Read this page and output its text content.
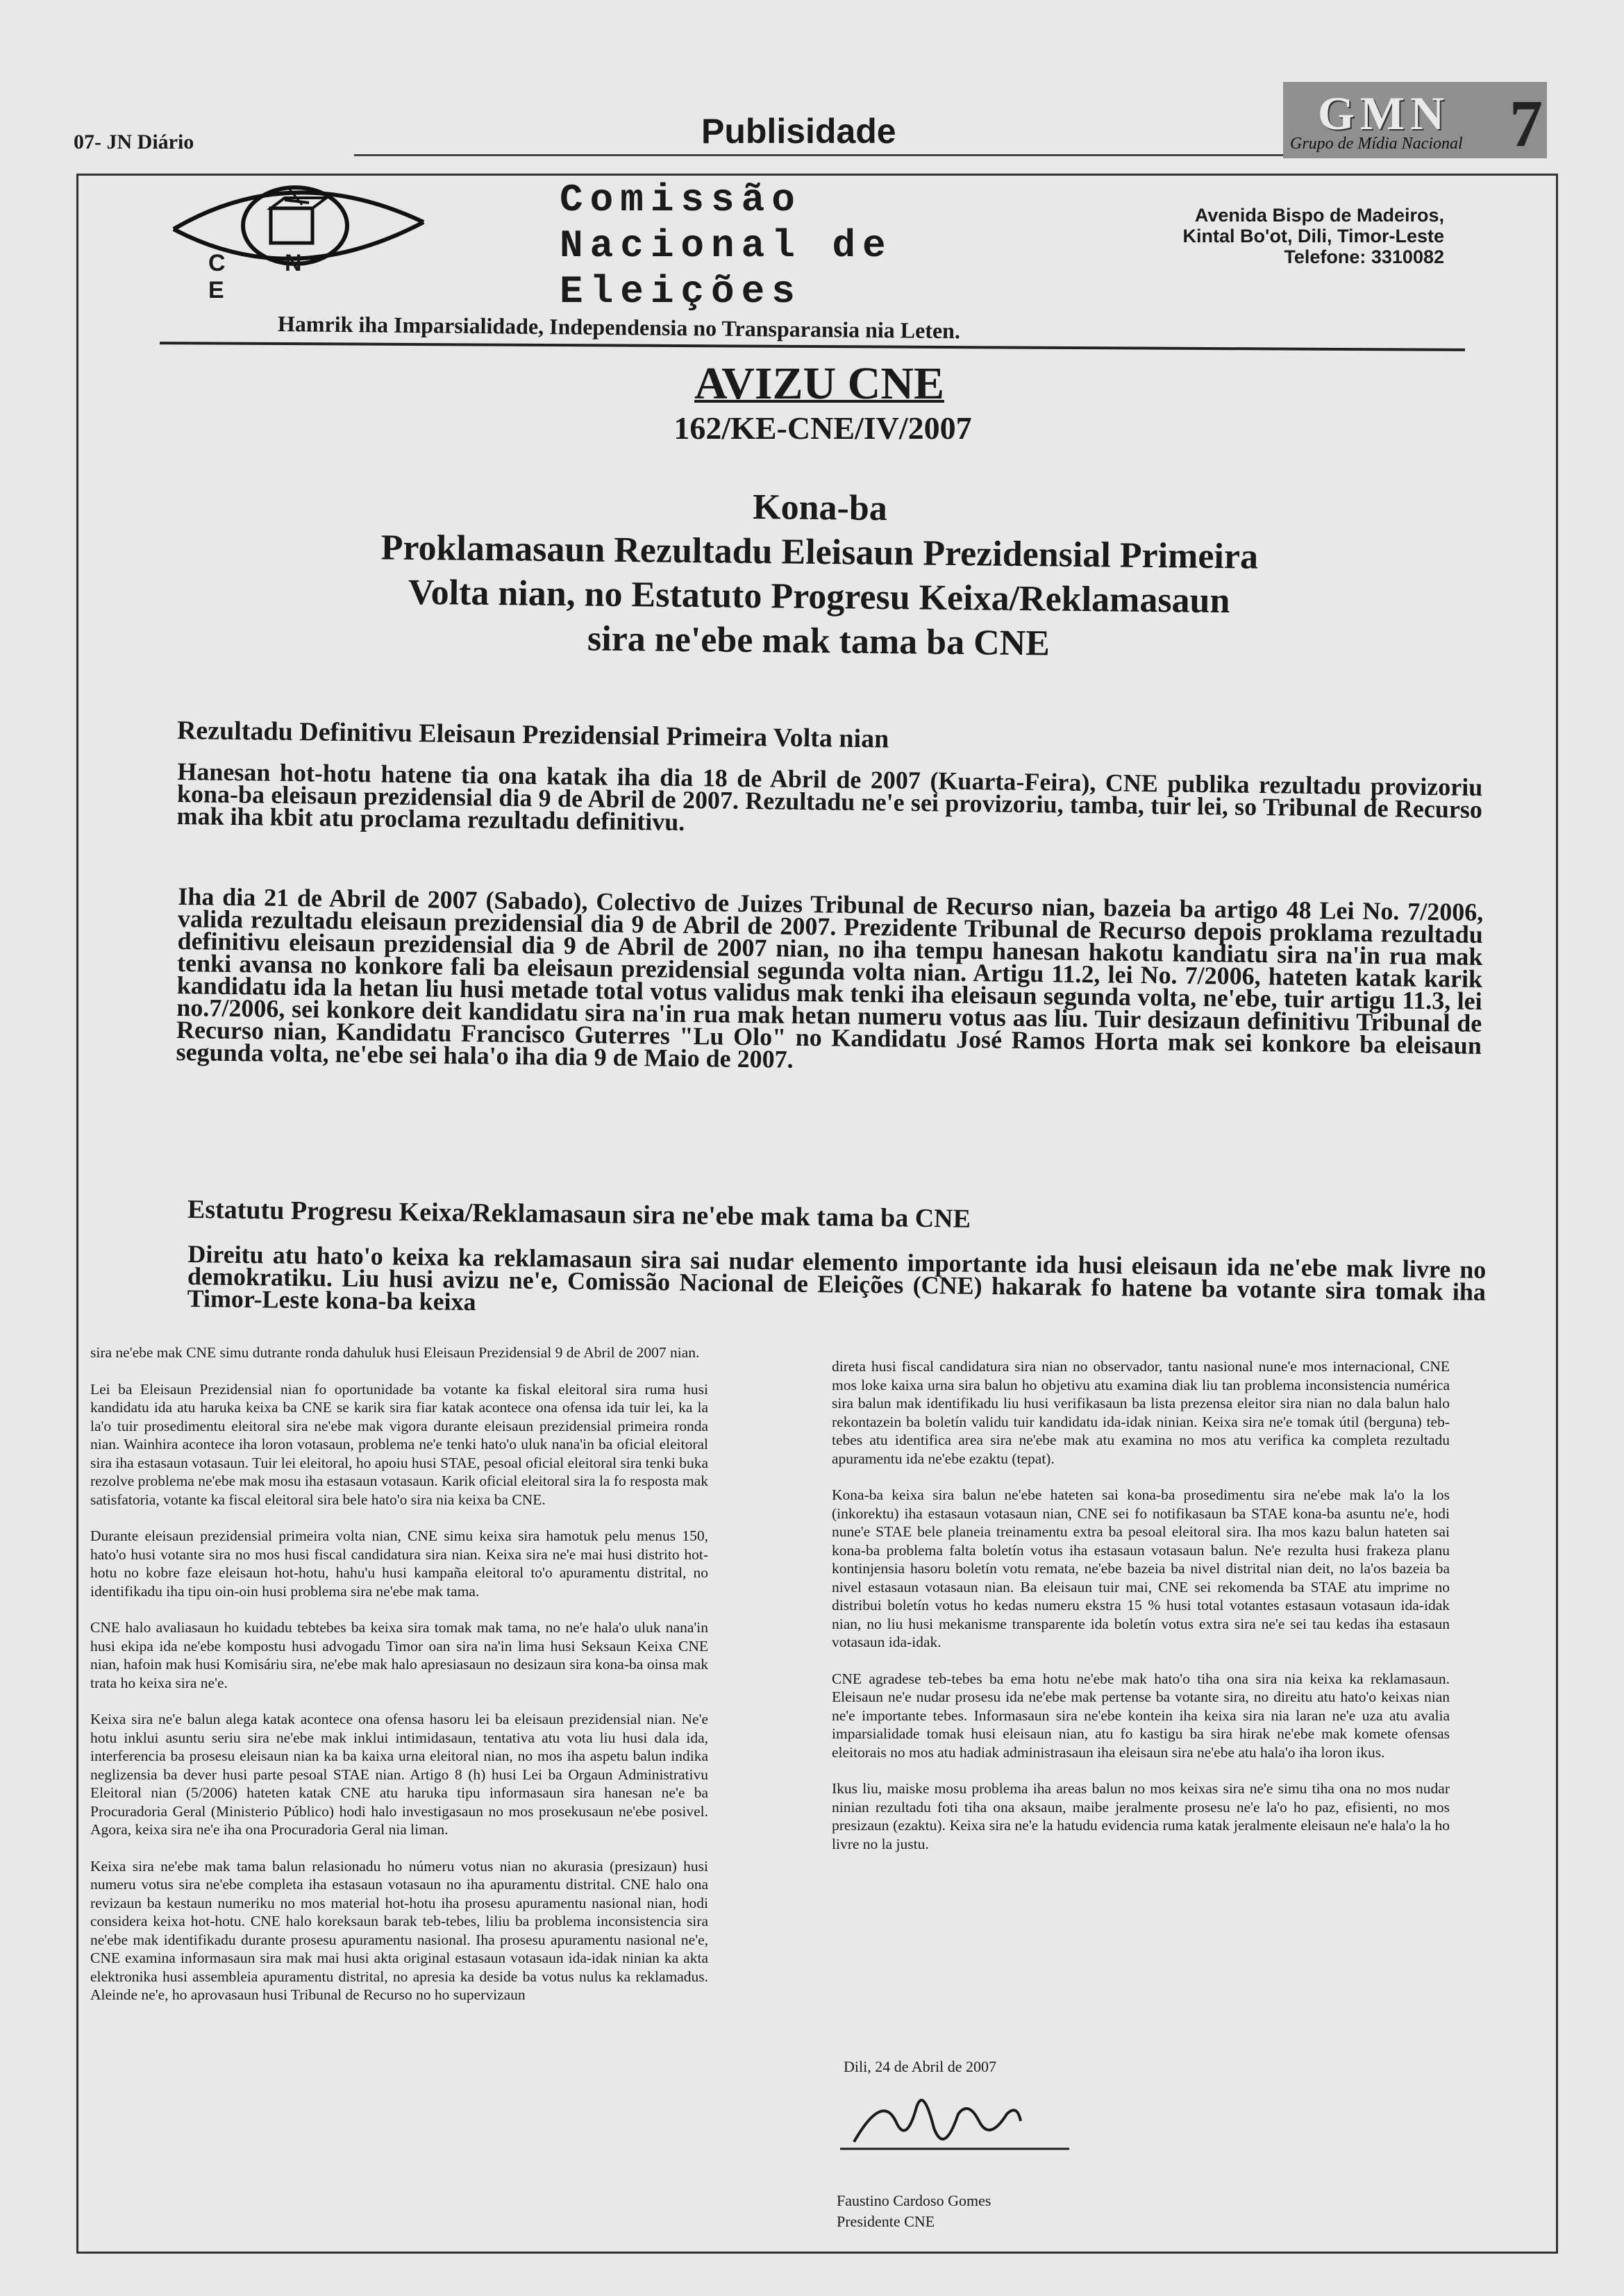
07- JN Diário	Publisidade	GMN 7
Grupo de Mídia Nacional
C N E
Comissão
Nacional de
Eleições
Avenida Bispo de Madeiros,
Kintal Bo'ot, Dili, Timor-Leste
Telefone: 3310082
Hamrik iha Imparsialidade, Independensia no Transparansia nia Leten.
AVIZU CNE
162/KE-CNE/IV/2007
Kona-ba
Proklamasaun Rezultadu Eleisaun Prezidensial Primeira
Volta nian, no Estatuto Progresu Keixa/Reklamasaun
sira ne'ebe mak tama ba CNE
Rezultadu Definitivu Eleisaun Prezidensial Primeira Volta nian
Hanesan hot-hotu hatene tia ona katak iha dia 18 de Abril de 2007 (Kuarta-Feira), CNE publika rezultadu provizoriu kona-ba eleisaun prezidensial dia 9 de Abril de 2007. Rezultadu ne'e sei provizoriu, tamba, tuir lei, so Tribunal de Recurso mak iha kbit atu proclama rezultadu definitivu.
Iha dia 21 de Abril de 2007 (Sabado), Colectivo de Juizes Tribunal de Recurso nian, bazeia ba artigo 48 Lei No. 7/2006, valida rezultadu eleisaun prezidensial dia 9 de Abril de 2007. Prezidente Tribunal de Recurso depois proklama rezultadu definitivu eleisaun prezidensial dia 9 de Abril de 2007 nian, no iha tempu hanesan hakotu kandiatu sira na'in rua mak tenki avansa no konkore fali ba eleisaun prezidensial segunda volta nian. Artigu 11.2, lei No. 7/2006, hateten katak karik kandidatu ida la hetan liu husi metade total votus validus mak tenki iha eleisaun segunda volta, ne'ebe, tuir artigu 11.3, lei no.7/2006, sei konkore deit kandidatu sira na'in rua mak hetan numeru votus aas liu. Tuir desizaun definitivu Tribunal de Recurso nian, Kandidatu Francisco Guterres "Lu Olo" no Kandidatu José Ramos Horta mak sei konkore ba eleisaun segunda volta, ne'ebe sei hala'o iha dia 9 de Maio de 2007.
Estatutu Progresu Keixa/Reklamasaun sira ne'ebe mak tama ba CNE
Direitu atu hato'o keixa ka reklamasaun sira sai nudar elemento importante ida husi eleisaun ida ne'ebe mak livre no demokratiku. Liu husi avizu ne'e, Comissão Nacional de Eleições (CNE) hakarak fo hatene ba votante sira tomak iha Timor-Leste kona-ba keixa

sira ne'ebe mak CNE simu dutrante ronda dahuluk husi Eleisaun Prezidensial 9 de Abril de 2007 nian.

Lei ba Eleisaun Prezidensial nian fo oportunidade ba votante ka fiskal eleitoral sira ruma husi kandidatu ida atu haruka keixa ba CNE se karik sira fiar katak acontece ona ofensa ida tuir lei, ka la la'o tuir prosedimentu eleitoral sira ne'ebe mak vigora durante eleisaun prezidensial primeira ronda nian. Wainhira acontece iha loron votasaun, problema ne'e tenki hato'o uluk nana'in ba oficial eleitoral sira iha estasaun votasaun. Tuir lei eleitoral, ho apoiu husi STAE, pesoal oficial eleitoral sira tenki buka rezolve problema ne'ebe mak mosu iha estasaun votasaun. Karik oficial eleitoral sira la fo resposta mak satisfatoria, votante ka fiscal eleitoral sira bele hato'o sira nia keixa ba CNE.

Durante eleisaun prezidensial primeira volta nian, CNE simu keixa sira hamotuk pelu menus 150, hato'o husi votante sira no mos husi fiscal candidatura sira nian. Keixa sira ne'e mai husi distrito hot-hotu no kobre faze eleisaun hot-hotu, hahu'u husi kampaña eleitoral to'o apuramentu distrital, no identifikadu iha tipu oin-oin husi problema sira ne'ebe mak tama.

CNE halo avaliasaun ho kuidadu tebtebes ba keixa sira tomak mak tama, no ne'e hala'o uluk nana'in husi ekipa ida ne'ebe kompostu husi advogadu Timor oan sira na'in lima husi Seksaun Keixa CNE nian, hafoin mak husi Komisáriu sira, ne'ebe mak halo apresiasaun no desizaun sira kona-ba oinsa mak trata ho keixa sira ne'e.

Keixa sira ne'e balun alega katak acontece ona ofensa hasoru lei ba eleisaun prezidensial nian. Ne'e hotu inklui asuntu seriu sira ne'ebe mak inklui intimidasaun, tentativa atu vota liu husi dala ida, interferencia ba prosesu eleisaun nian ka ba kaixa urna eleitoral nian, no mos iha aspetu balun indika neglizensia ba dever husi parte pesoal STAE nian. Artigo 8 (h) husi Lei ba Orgaun Administrativu Eleitoral nian (5/2006) hateten katak CNE atu haruka tipu informasaun sira hanesan ne'e ba Procuradoria Geral (Ministerio Público) hodi halo investigasaun no mos prosekusaun ne'ebe posivel. Agora, keixa sira ne'e iha ona Procuradoria Geral nia liman.

Keixa sira ne'ebe mak tama balun relasionadu ho númeru votus nian no akurasia (presizaun) husi numeru votus sira ne'ebe completa iha estasaun votasaun no iha apuramentu distrital. CNE halo ona revizaun ba kestaun numeriku no mos material hot-hotu iha prosesu apuramentu nasional nian, hodi considera keixa hot-hotu. CNE halo koreksaun barak teb-tebes, liliu ba problema inconsistencia sira ne'ebe mak identifikadu durante prosesu apuramentu nasional. Iha prosesu apuramentu nasional ne'e, CNE examina informasaun sira mak mai husi akta original estasaun votasaun ida-idak ninian ka akta elektronika husi assembleia apuramentu distrital, no apresia ka deside ba votus nulus ka reklamadus. Aleinde ne'e, ho aprovasaun husi Tribunal de Recurso no ho supervizaun

direta husi fiscal candidatura sira nian no observador, tantu nasional nune'e mos internacional, CNE mos loke kaixa urna sira balun ho objetivu atu examina diak liu tan problema inconsistencia numérica sira balun mak identifikadu liu husi verifikasaun ba lista prezensa eleitor sira nian no dala balun halo rekontazein ba boletín validu tuir kandidatu ida-idak ninian. Keixa sira ne'e tomak útil (berguna) teb-tebes atu identifica area sira ne'ebe mak atu examina no mos atu verifica ka completa rezultadu apuramentu ida ne'ebe ezaktu (tepat).

Kona-ba keixa sira balun ne'ebe hateten sai kona-ba prosedimentu sira ne'ebe mak la'o la los (inkorektu) iha estasaun votasaun nian, CNE sei fo notifikasaun ba STAE kona-ba asuntu ne'e, hodi nune'e STAE bele planeia treinamentu extra ba pesoal eleitoral sira. Iha mos kazu balun hateten sai kona-ba problema falta boletín votus iha estasaun votasaun balun. Ne'e rezulta husi frakeza planu kontinjensia hasoru boletín votu remata, ne'ebe bazeia ba nivel distrital nian deit, no la'os bazeia ba nivel estasaun votasaun nian. Ba eleisaun tuir mai, CNE sei rekomenda ba STAE atu imprime no distribui boletín votus ho kedas numeru ekstra 15 % husi total votantes estasaun votasaun ida-idak nian, no liu husi mekanisme transparente ida boletín votus extra sira ne'e sei tau kedas iha estasaun votasaun ida-idak.

CNE agradese teb-tebes ba ema hotu ne'ebe mak hato'o tiha ona sira nia keixa ka reklamasaun. Eleisaun ne'e nudar prosesu ida ne'ebe mak pertense ba votante sira, no direitu atu hato'o keixas nian ne'e importante tebes. Informasaun sira ne'ebe kontein iha keixa sira nia laran ne'e uza atu avalia imparsialidade tomak husi eleisaun nian, atu fo kastigu ba sira hirak ne'ebe mak komete ofensas eleitorais no mos atu hadiak administrasaun iha eleisaun sira ne'ebe atu hala'o iha loron ikus.

Ikus liu, maiske mosu problema iha areas balun no mos keixas sira ne'e simu tiha ona no mos nudar ninian rezultadu foti tiha ona aksaun, maibe jeralmente prosesu ne'e la'o ho paz, efisienti, no mos presizaun (ezaktu). Keixa sira ne'e la hatudu evidencia ruma katak jeralmente eleisaun ne'e hala'o la ho livre no la justu.

Dili, 24 de Abril de 2007
Faustino Cardoso Gomes
Presidente CNE
